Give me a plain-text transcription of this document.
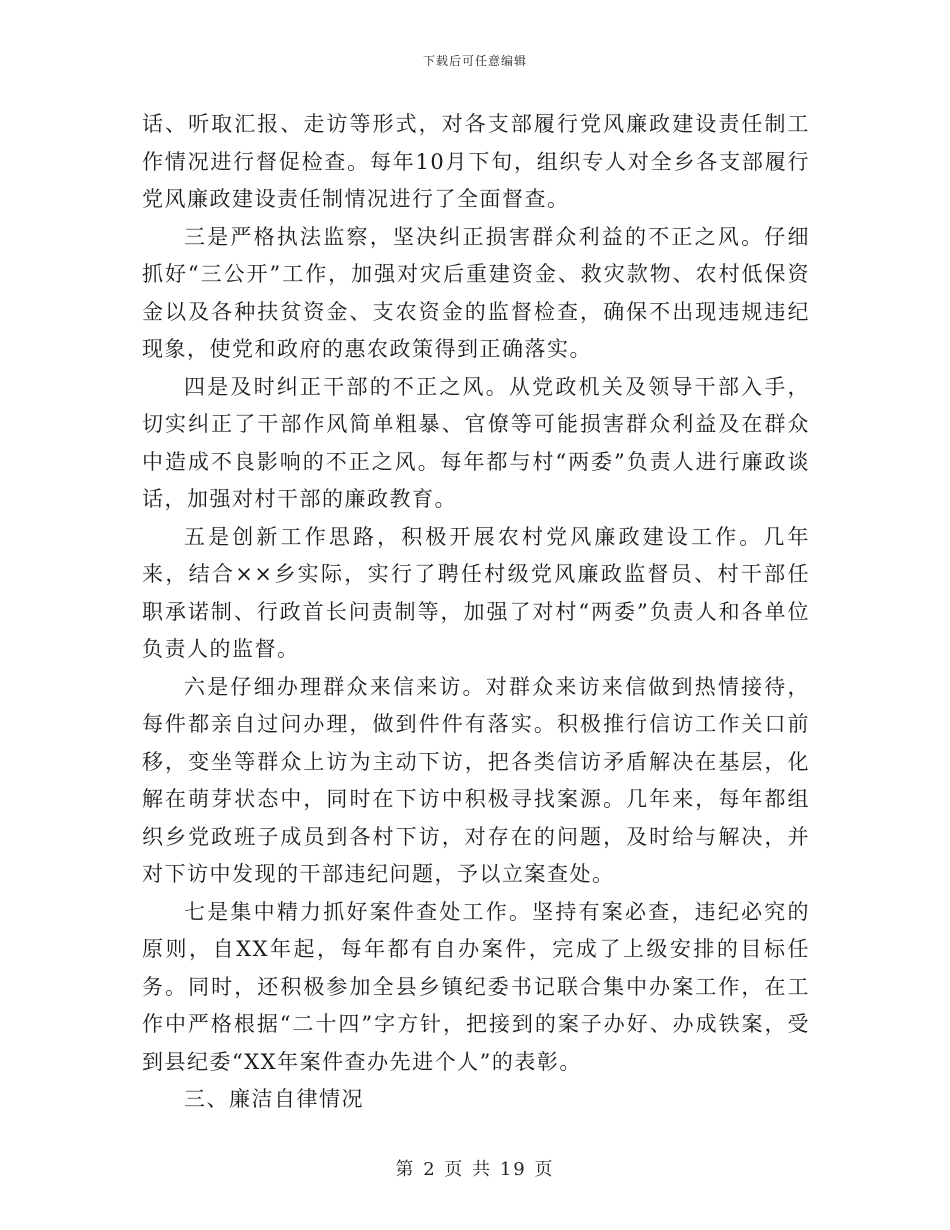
下载后可任意编辑

话、听取汇报、走访等形式，对各支部履行党风廉政建设责任制工作情况进行督促检查。每年10月下旬，组织专人对全乡各支部履行党风廉政建设责任制情况进行了全面督查。

三是严格执法监察，坚决纠正损害群众利益的不正之风。仔细抓好“三公开”工作，加强对灾后重建资金、救灾款物、农村低保资金以及各种扶贫资金、支农资金的监督检查，确保不出现违规违纪现象，使党和政府的惠农政策得到正确落实。

四是及时纠正干部的不正之风。从党政机关及领导干部入手，切实纠正了干部作风简单粗暴、官僚等可能损害群众利益及在群众中造成不良影响的不正之风。每年都与村“两委”负责人进行廉政谈话，加强对村干部的廉政教育。

五是创新工作思路，积极开展农村党风廉政建设工作。几年来，结合××乡实际，实行了聘任村级党风廉政监督员、村干部任职承诺制、行政首长问责制等，加强了对村“两委”负责人和各单位负责人的监督。

六是仔细办理群众来信来访。对群众来访来信做到热情接待，每件都亲自过问办理，做到件件有落实。积极推行信访工作关口前移，变坐等群众上访为主动下访，把各类信访矛盾解决在基层，化解在萌芽状态中，同时在下访中积极寻找案源。几年来，每年都组织乡党政班子成员到各村下访，对存在的问题，及时给与解决，并对下访中发现的干部违纪问题，予以立案查处。

七是集中精力抓好案件查处工作。坚持有案必查，违纪必究的原则，自XX年起，每年都有自办案件，完成了上级安排的目标任务。同时，还积极参加全县乡镇纪委书记联合集中办案工作，在工作中严格根据“二十四”字方针，把接到的案子办好、办成铁案，受到县纪委“XX年案件查办先进个人”的表彰。

三、廉洁自律情况

第 2 页 共 19 页
